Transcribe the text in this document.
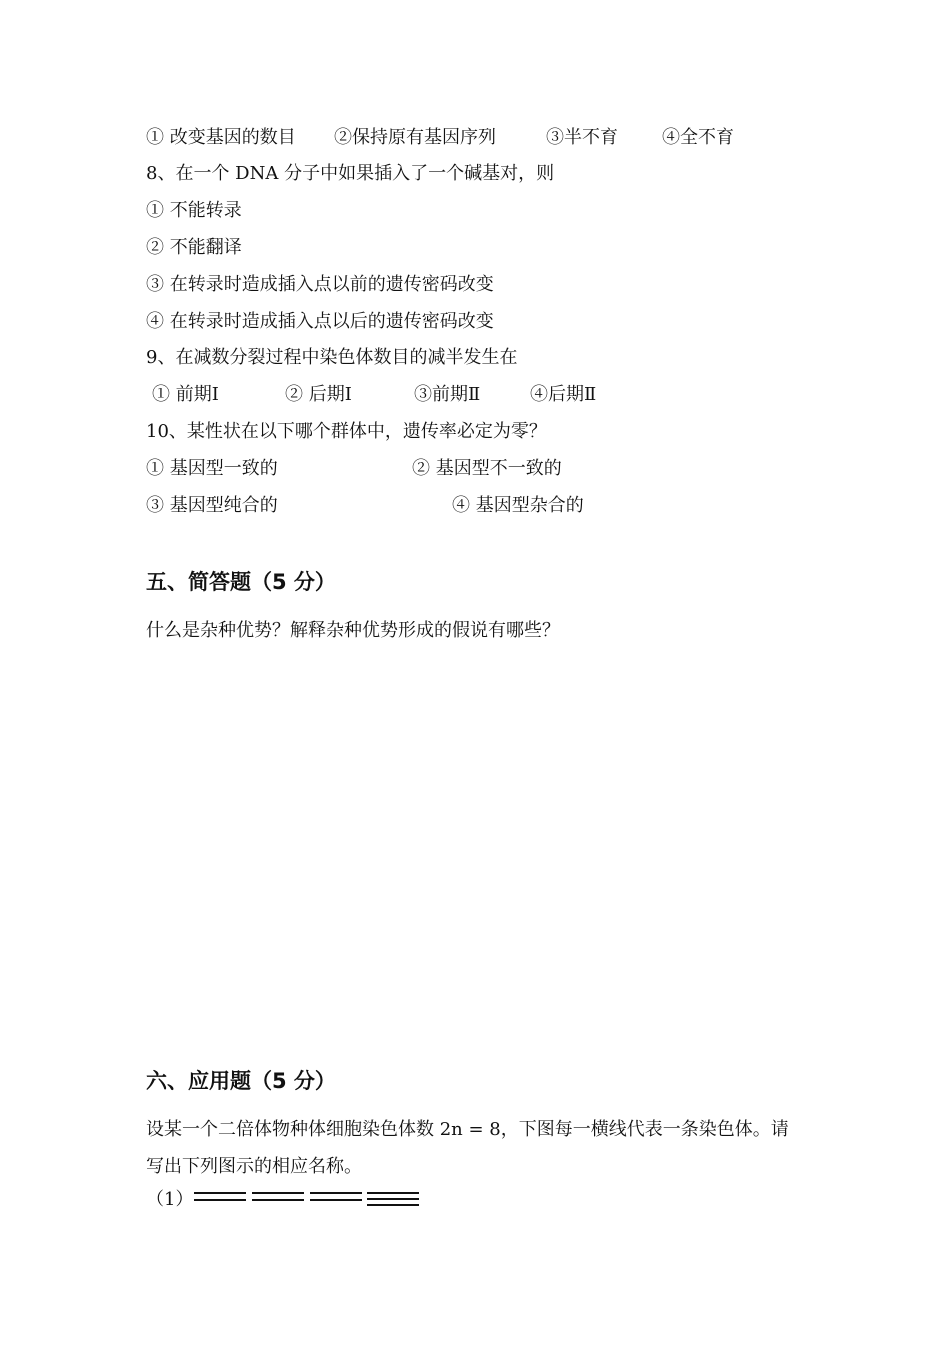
① 改变基因的数目 ②保持原有基因序列	③半不育 ④全不育
8、在一个 DNA 分子中如果插入了一个碱基对，则
① 不能转录
② 不能翻译
③ 在转录时造成插入点以前的遗传密码改变
④ 在转录时造成插入点以后的遗传密码改变
9、在减数分裂过程中染色体数目的减半发生在
① 前期Ⅰ	② 后期Ⅰ	③前期Ⅱ	④后期Ⅱ
10、某性状在以下哪个群体中，遗传率必定为零？
① 基因型一致的	② 基因型不一致的
③ 基因型纯合的	④ 基因型杂合的
五、简答题（5 分）
什么是杂种优势？解释杂种优势形成的假说有哪些？
六、应用题（5 分）
设某一个二倍体物种体细胞染色体数 2n = 8，下图每一横线代表一条染色体。请
写出下列图示的相应名称。
（1）
